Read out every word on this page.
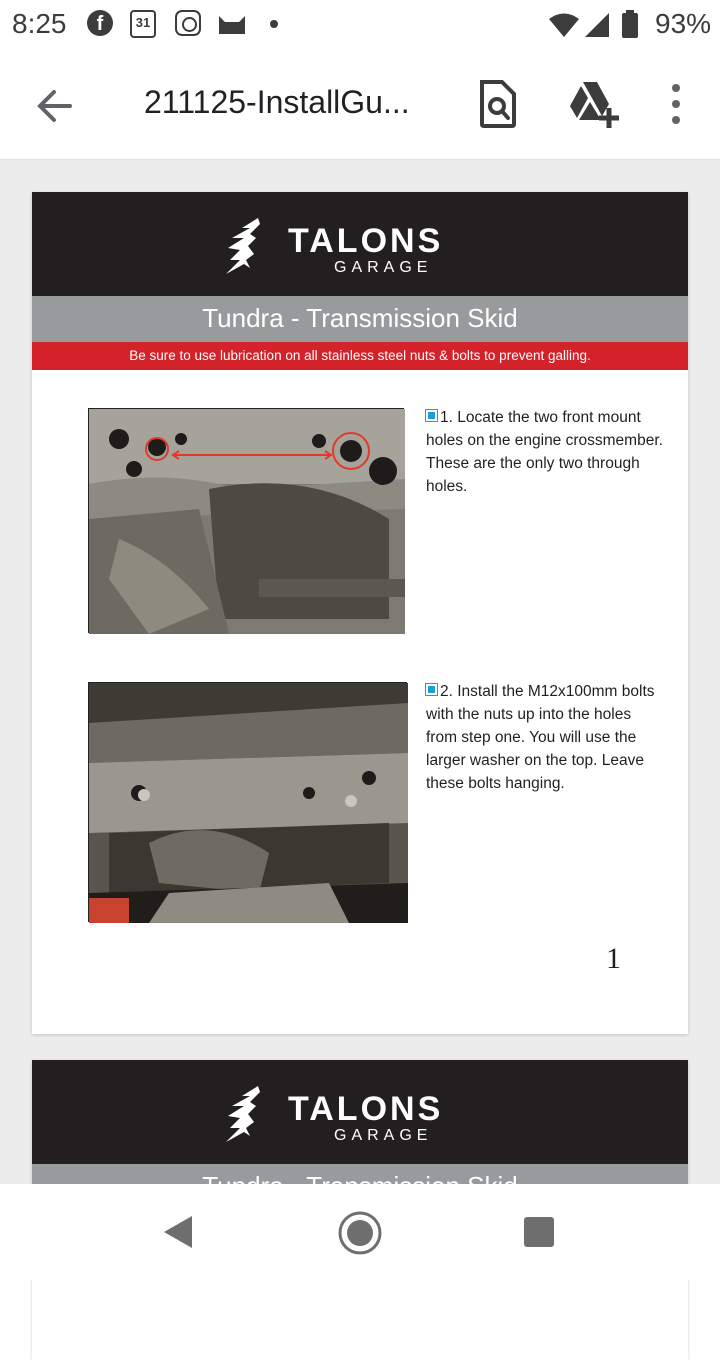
8:25	f	31	93%
211125-InstallGu...
TALONS
GARAGE
Tundra - Transmission Skid
Be sure to use lubrication on all stainless steel nuts & bolts to prevent galling.
1. Locate the two front mount holes on the engine crossmember. These are the only two through holes.
2. Install the M12x100mm bolts with the nuts up into the holes from step one. You will use the larger washer on the top. Leave these bolts hanging.
1
TALONS
GARAGE
